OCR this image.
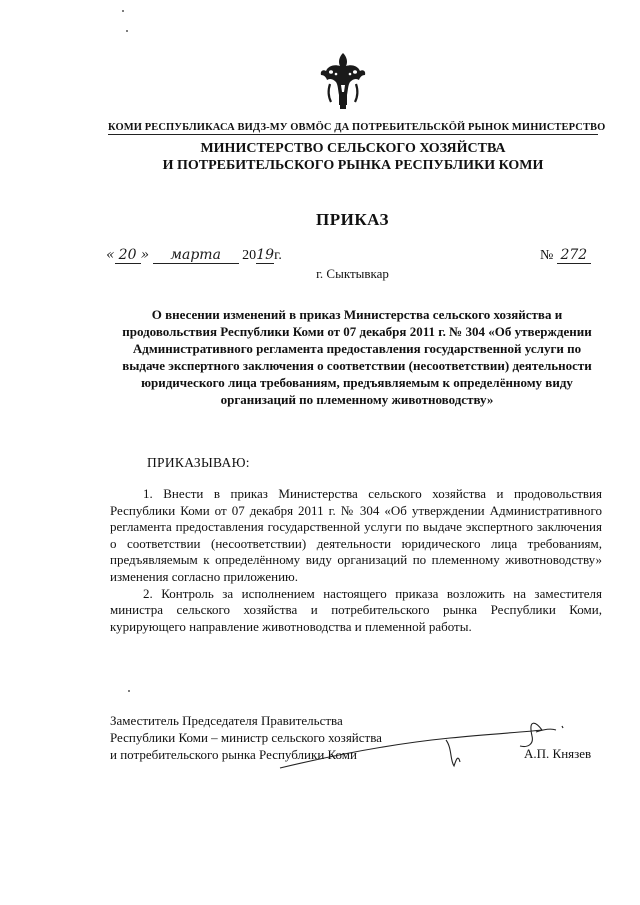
КОМИ РЕСПУБЛИКАСА ВИДЗ-МУ ОВМÖС ДА ПОТРЕБИТЕЛЬСКӦЙ РЫНОК МИНИСТЕРСТВО
МИНИСТЕРСТВО СЕЛЬСКОГО ХОЗЯЙСТВА
И ПОТРЕБИТЕЛЬСКОГО РЫНКА РЕСПУБЛИКИ КОМИ
ПРИКАЗ
« 20 » марта 2019г.	№ 272
г. Сыктывкар
О внесении изменений в приказ Министерства сельского хозяйства и продовольствия Республики Коми от 07 декабря 2011 г. № 304 «Об утверждении Административного регламента предоставления государственной услуги по выдаче экспертного заключения о соответствии (несоответствии) деятельности юридического лица требованиям, предъявляемым к определённому виду организаций по племенному животноводству»
ПРИКАЗЫВАЮ:

1. Внести в приказ Министерства сельского хозяйства и продовольствия Республики Коми от 07 декабря 2011 г. № 304 «Об утверждении Административного регламента предоставления государственной услуги по выдаче экспертного заключения о соответствии (несоответствии) деятельности юридического лица требованиям, предъявляемым к определённому виду организаций по племенному животноводству» изменения согласно приложению.

2. Контроль за исполнением настоящего приказа возложить на заместителя министра сельского хозяйства и потребительского рынка Республики Коми, курирующего направление животноводства и племенной работы.

Заместитель Председателя Правительства
Республики Коми – министр сельского хозяйства
и потребительского рынка Республики Коми	А.П. Князев
